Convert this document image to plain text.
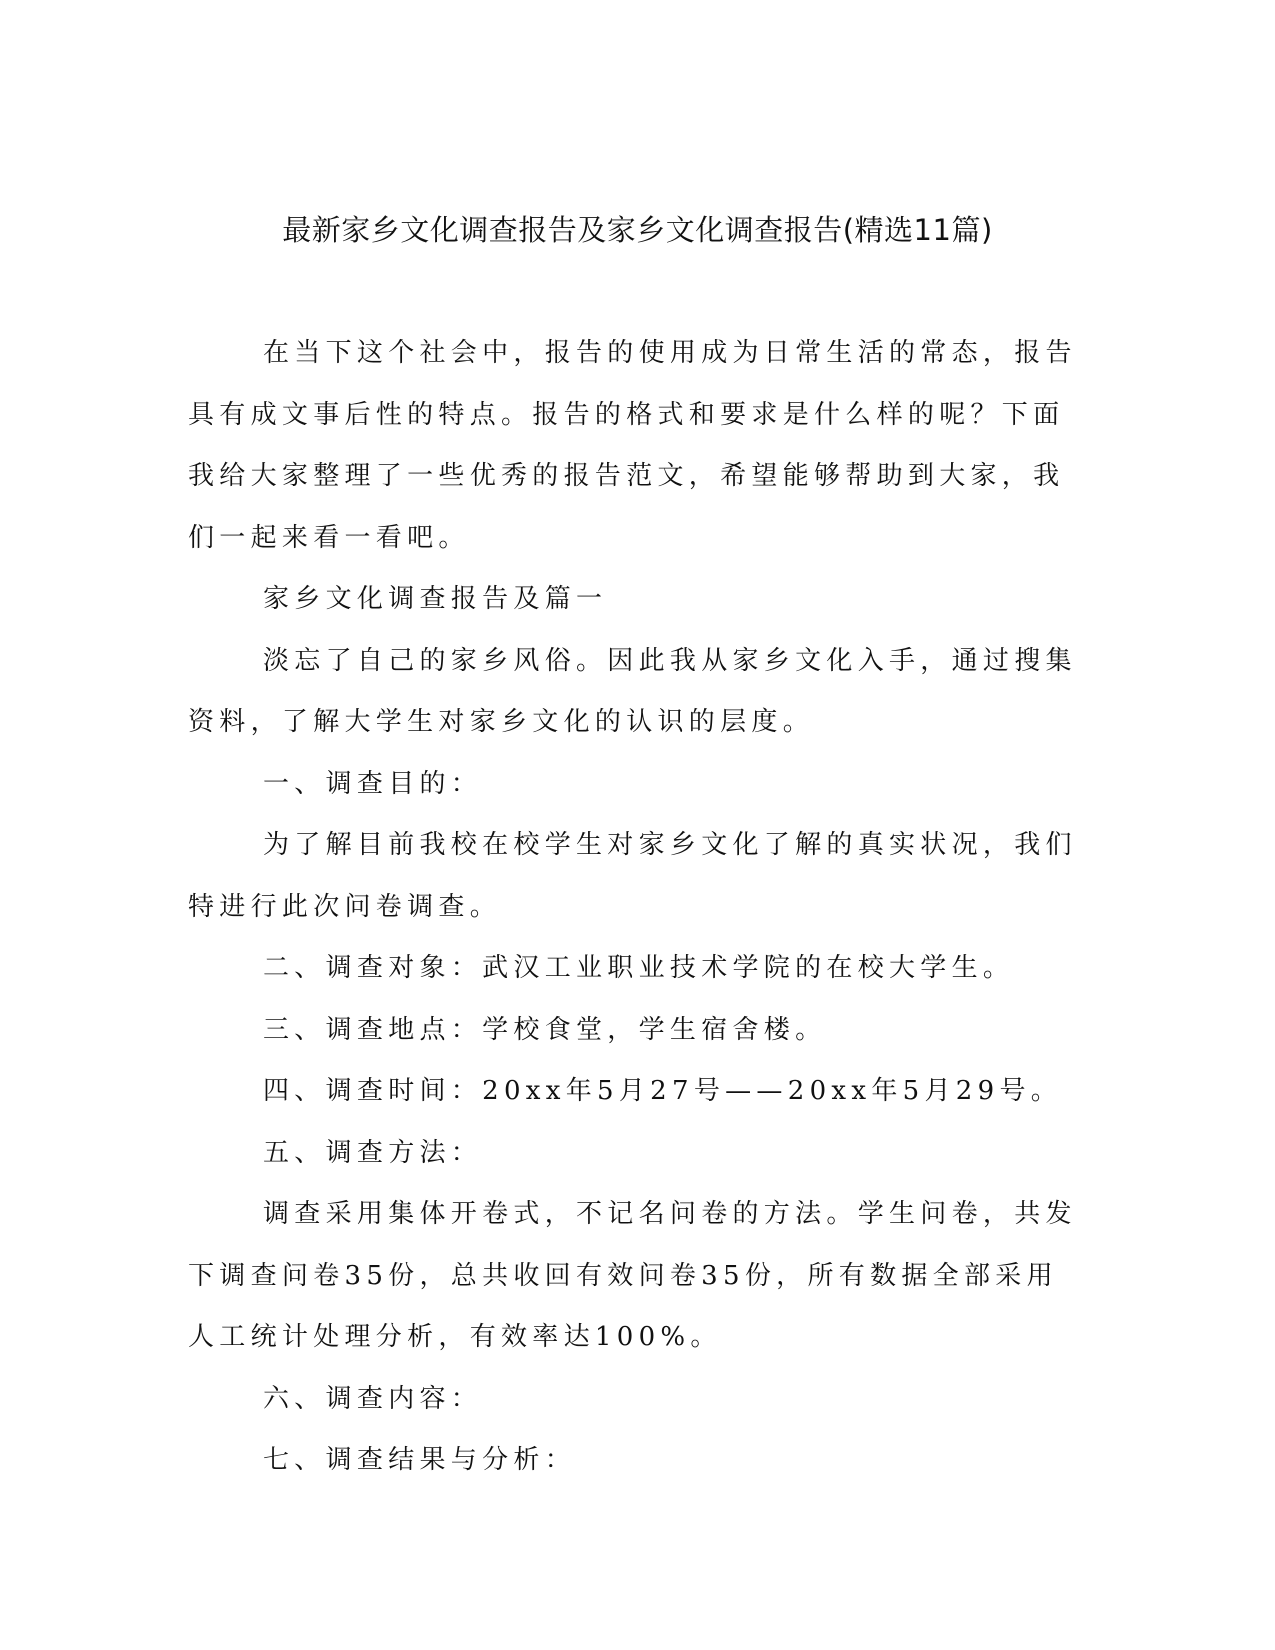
最新家乡文化调查报告及家乡文化调查报告(精选11篇)

在当下这个社会中，报告的使用成为日常生活的常态，报告具有成文事后性的特点。报告的格式和要求是什么样的呢？下面我给大家整理了一些优秀的报告范文，希望能够帮助到大家，我们一起来看一看吧。

家乡文化调查报告及篇一

淡忘了自己的家乡风俗。因此我从家乡文化入手，通过搜集资料，了解大学生对家乡文化的认识的层度。

一、调查目的：

为了解目前我校在校学生对家乡文化了解的真实状况，我们特进行此次问卷调查。

二、调查对象：武汉工业职业技术学院的在校大学生。

三、调查地点：学校食堂，学生宿舍楼。

四、调查时间：20xx年5月27号——20xx年5月29号。

五、调查方法：

调查采用集体开卷式，不记名问卷的方法。学生问卷，共发下调查问卷35份，总共收回有效问卷35份，所有数据全部采用人工统计处理分析，有效率达100%。

六、调查内容：

七、调查结果与分析：
